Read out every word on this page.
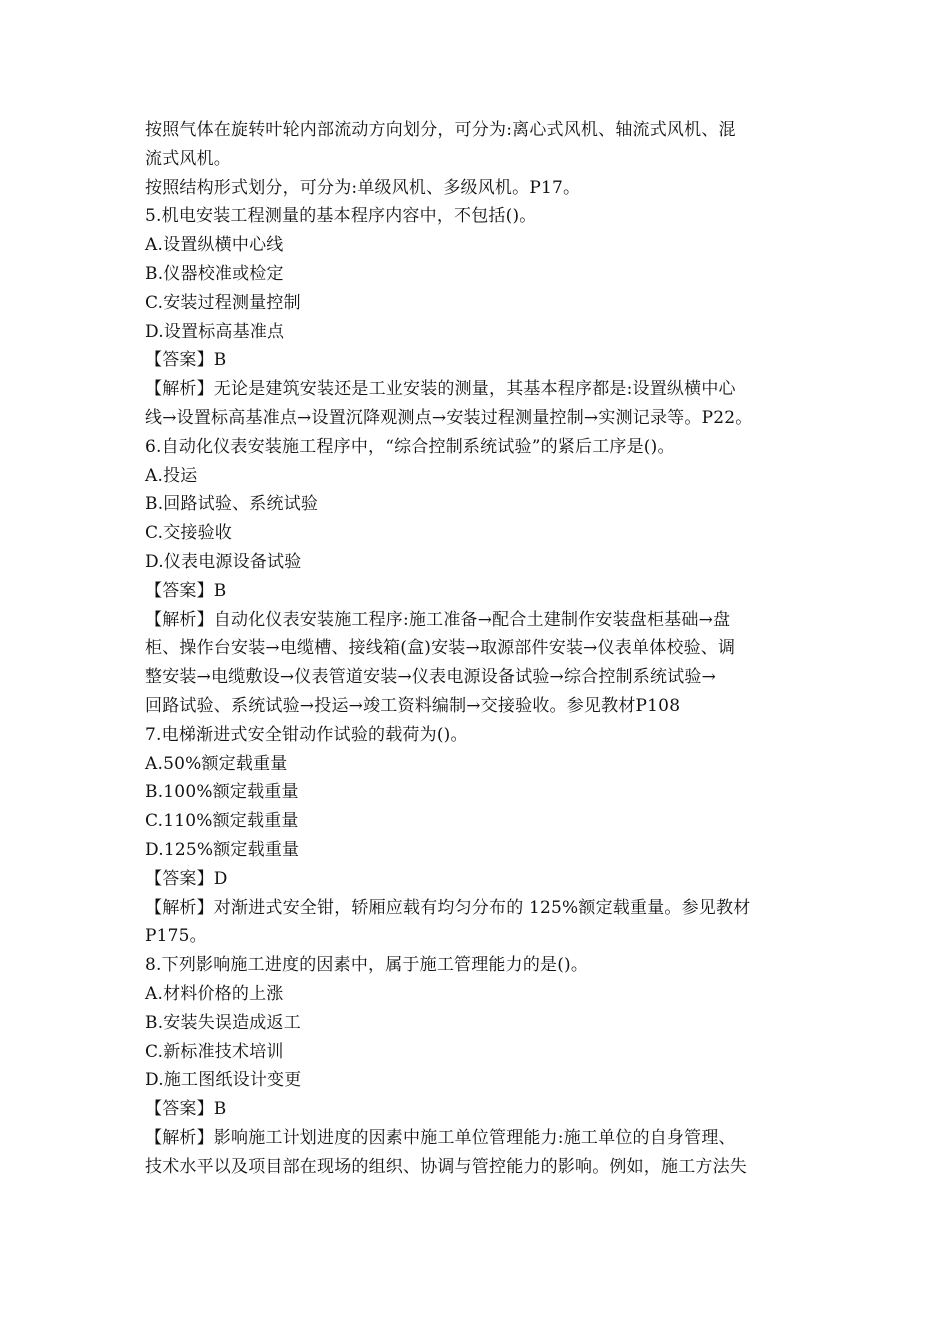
按照气体在旋转叶轮内部流动方向划分，可分为:离心式风机、轴流式风机、混
流式风机。
按照结构形式划分，可分为:单级风机、多级风机。P17。
5.机电安装工程测量的基本程序内容中，不包括()。
A.设置纵横中心线
B.仪器校准或检定
C.安装过程测量控制
D.设置标高基准点
【答案】B
【解析】无论是建筑安装还是工业安装的测量，其基本程序都是:设置纵横中心
线→设置标高基准点→设置沉降观测点→安装过程测量控制→实测记录等。P22。
6.自动化仪表安装施工程序中，“综合控制系统试验”的紧后工序是()。
A.投运
B.回路试验、系统试验
C.交接验收
D.仪表电源设备试验
【答案】B
【解析】自动化仪表安装施工程序:施工准备→配合土建制作安装盘柜基础→盘
柜、操作台安装→电缆槽、接线箱(盒)安装→取源部件安装→仪表单体校验、调
整安装→电缆敷设→仪表管道安装→仪表电源设备试验→综合控制系统试验→
回路试验、系统试验→投运→竣工资料编制→交接验收。参见教材P108
7.电梯渐进式安全钳动作试验的载荷为()。
A.50%额定载重量
B.100%额定载重量
C.110%额定载重量
D.125%额定载重量
【答案】D
【解析】对渐进式安全钳，轿厢应载有均匀分布的 125%额定载重量。参见教材
P175。
8.下列影响施工进度的因素中，属于施工管理能力的是()。
A.材料价格的上涨
B.安装失误造成返工
C.新标准技术培训
D.施工图纸设计变更
【答案】B
【解析】影响施工计划进度的因素中施工单位管理能力:施工单位的自身管理、
技术水平以及项目部在现场的组织、协调与管控能力的影响。例如，施工方法失
